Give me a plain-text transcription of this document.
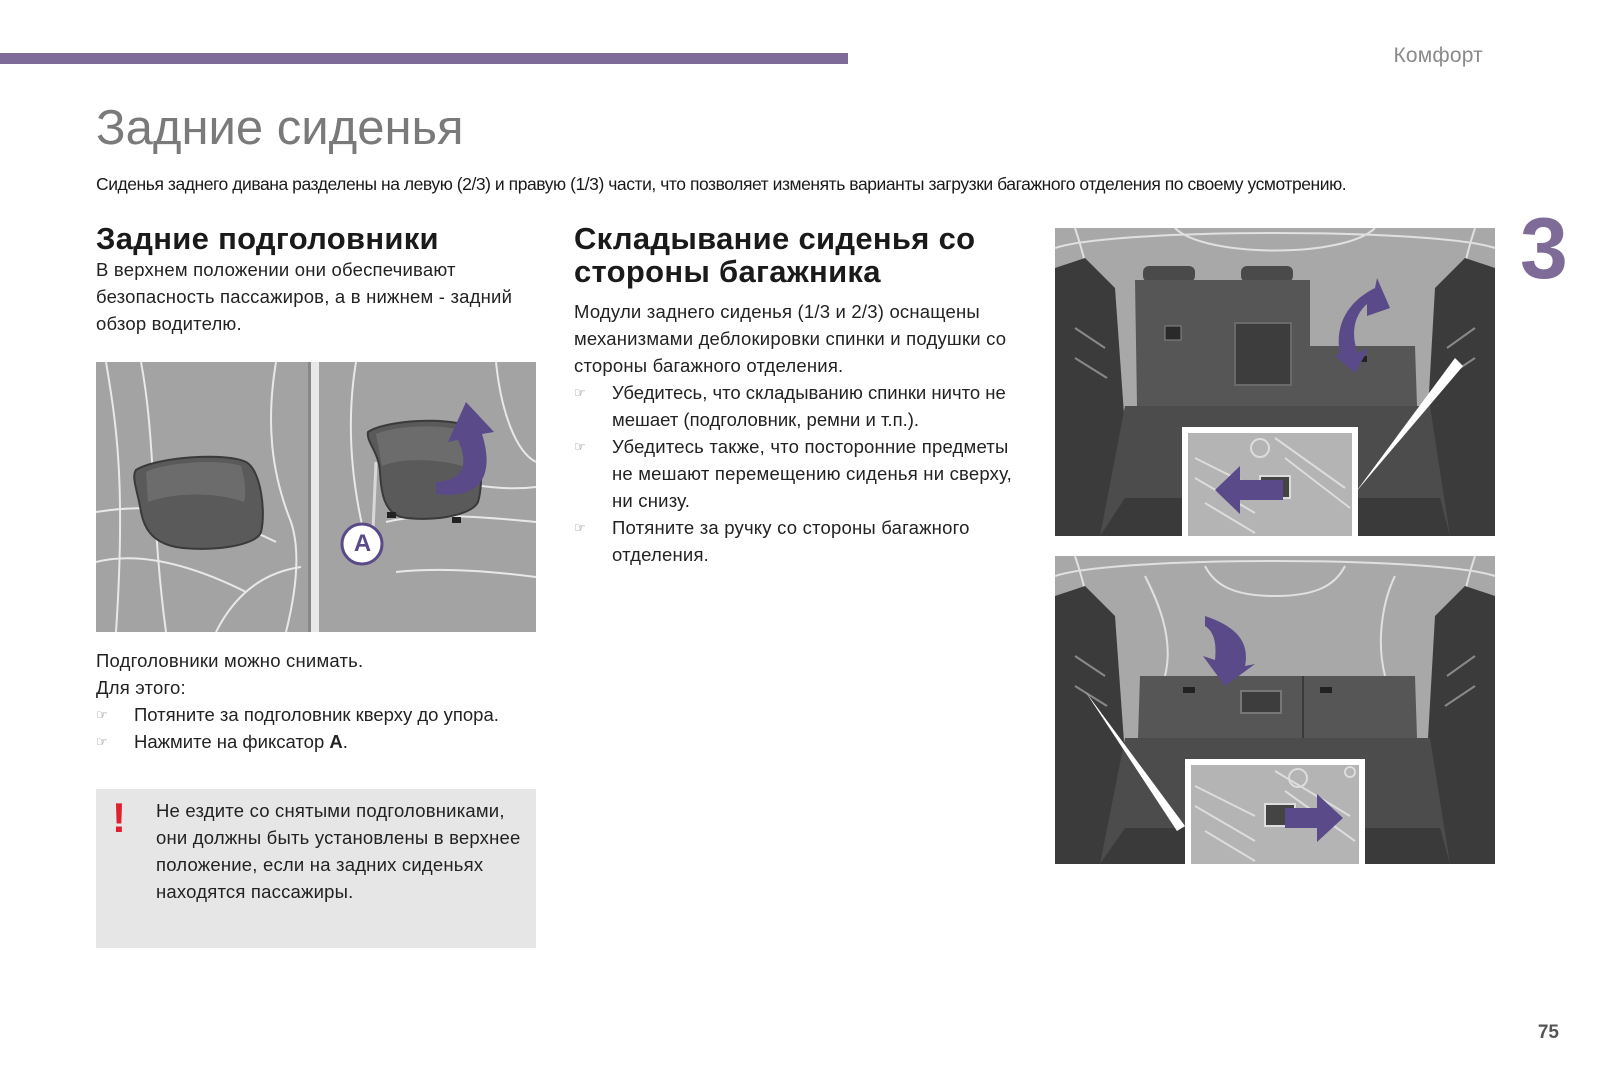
Комфорт
3
75
Задние сиденья
Сиденья заднего дивана разделены на левую (2/3) и правую (1/3) части, что позволяет изменять варианты загрузки багажного отделения по своему усмотрению.
Задние подголовники

В верхнем положении они обеспечивают безопасность пассажиров, а в нижнем - задний обзор водителю.

A

Подголовники можно снимать.

Для этого:

☞ Потяните за подголовник кверху до упора.
☞ Нажмите на фиксатор A.
! Не ездите со снятыми подголовниками, они должны быть установлены в верхнее положение, если на задних сиденьях находятся пассажиры.

Складывание сиденья со стороны багажника

Модули заднего сиденья (1/3 и 2/3) оснащены механизмами деблокировки спинки и подушки со стороны багажного отделения.

☞ Убедитесь, что складыванию спинки ничто не мешает (подголовник, ремни и т.п.).
☞ Убедитесь также, что посторонние предметы не мешают перемещению сиденья ни сверху, ни снизу.
☞ Потяните за ручку со стороны багажного отделения.
